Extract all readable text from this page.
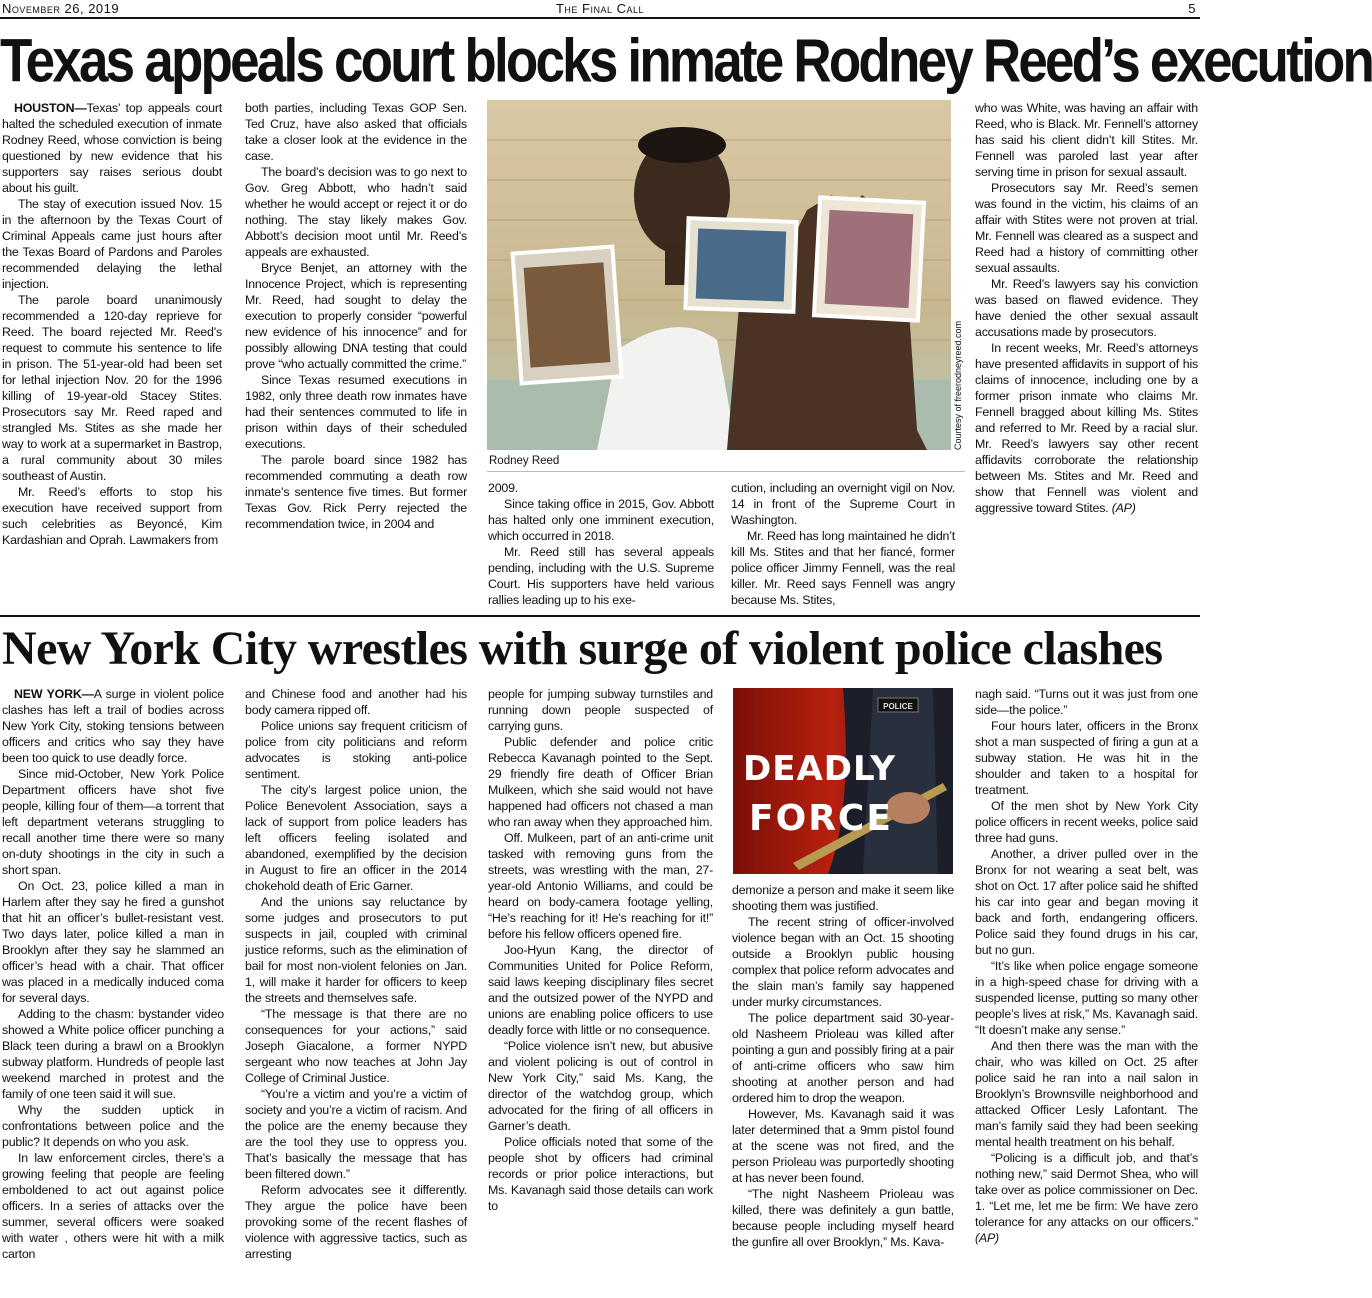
November 26, 2019	The Final Call	5
Texas appeals court blocks inmate Rodney Reed’s execution

HOUSTON—Texas’ top appeals court halted the scheduled execution of inmate Rodney Reed, whose conviction is being questioned by new evidence that his supporters say raises serious doubt about his guilt.

The stay of execution issued Nov. 15 in the afternoon by the Texas Court of Criminal Appeals came just hours after the Texas Board of Pardons and Paroles recommended delaying the lethal injection.

The parole board unanimously recommended a 120-day reprieve for Reed. The board rejected Mr. Reed’s request to commute his sentence to life in prison. The 51-year-old had been set for lethal injection Nov. 20 for the 1996 killing of 19-year-old Stacey Stites. Prosecutors say Mr. Reed raped and strangled Ms. Stites as she made her way to work at a supermarket in Bastrop, a rural community about 30 miles southeast of Austin.

Mr. Reed’s efforts to stop his execution have received support from such celebrities as Beyoncé, Kim Kardashian and Oprah. Lawmakers from

both parties, including Texas GOP Sen. Ted Cruz, have also asked that officials take a closer look at the evidence in the case.

The board’s decision was to go next to Gov. Greg Abbott, who hadn’t said whether he would accept or reject it or do nothing. The stay likely makes Gov. Abbott’s decision moot until Mr. Reed’s appeals are exhausted.

Bryce Benjet, an attorney with the Innocence Project, which is representing Mr. Reed, had sought to delay the execution to properly consider “powerful new evidence of his innocence” and for possibly allowing DNA testing that could prove “who actually committed the crime.”

Since Texas resumed executions in 1982, only three death row inmates have had their sentences commuted to life in prison within days of their scheduled executions.

The parole board since 1982 has recommended commuting a death row inmate’s sentence five times. But former Texas Gov. Rick Perry rejected the recommendation twice, in 2004 and

Courtesy of freerodneyreed.com
Rodney Reed

2009.

Since taking office in 2015, Gov. Abbott has halted only one imminent execution, which occurred in 2018.

Mr. Reed still has several appeals pending, including with the U.S. Supreme Court. His supporters have held various rallies leading up to his exe-

cution, including an overnight vigil on Nov. 14 in front of the Supreme Court in Washington.

Mr. Reed has long maintained he didn’t kill Ms. Stites and that her fiancé, former police officer Jimmy Fennell, was the real killer. Mr. Reed says Fennell was angry because Ms. Stites,

who was White, was having an affair with Reed, who is Black. Mr. Fennell’s attorney has said his client didn’t kill Stites. Mr. Fennell was paroled last year after serving time in prison for sexual assault.

Prosecutors say Mr. Reed’s semen was found in the victim, his claims of an affair with Stites were not proven at trial. Mr. Fennell was cleared as a suspect and Reed had a history of committing other sexual assaults.

Mr. Reed’s lawyers say his conviction was based on flawed evidence. They have denied the other sexual assault accusations made by prosecutors.

In recent weeks, Mr. Reed’s attorneys have presented affidavits in support of his claims of innocence, including one by a former prison inmate who claims Mr. Fennell bragged about killing Ms. Stites and referred to Mr. Reed by a racial slur. Mr. Reed’s lawyers say other recent affidavits corroborate the relationship between Ms. Stites and Mr. Reed and show that Fennell was violent and aggressive toward Stites. (AP)

New York City wrestles with surge of violent police clashes

NEW YORK—A surge in violent police clashes has left a trail of bodies across New York City, stoking tensions between officers and critics who say they have been too quick to use deadly force.

Since mid-October, New York Police Department officers have shot five people, killing four of them—a torrent that left department veterans struggling to recall another time there were so many on-duty shootings in the city in such a short span.

On Oct. 23, police killed a man in Harlem after they say he fired a gunshot that hit an officer’s bullet-resistant vest. Two days later, police killed a man in Brooklyn after they say he slammed an officer’s head with a chair. That officer was placed in a medically induced coma for several days.

Adding to the chasm: bystander video showed a White police officer punching a Black teen during a brawl on a Brooklyn subway platform. Hundreds of people last weekend marched in protest and the family of one teen said it will sue.

Why the sudden uptick in confrontations between police and the public? It depends on who you ask.

In law enforcement circles, there’s a growing feeling that people are feeling emboldened to act out against police officers. In a series of attacks over the summer, several officers were soaked with water , others were hit with a milk carton

and Chinese food and another had his body camera ripped off.

Police unions say frequent criticism of police from city politicians and reform advocates is stoking anti-police sentiment.

The city’s largest police union, the Police Benevolent Association, says a lack of support from police leaders has left officers feeling isolated and abandoned, exemplified by the decision in August to fire an officer in the 2014 chokehold death of Eric Garner.

And the unions say reluctance by some judges and prosecutors to put suspects in jail, coupled with criminal justice reforms, such as the elimination of bail for most non-violent felonies on Jan. 1, will make it harder for officers to keep the streets and themselves safe.

“The message is that there are no consequences for your actions,” said Joseph Giacalone, a former NYPD sergeant who now teaches at John Jay College of Criminal Justice.

“You’re a victim and you’re a victim of society and you’re a victim of racism. And the police are the enemy because they are the tool they use to oppress you. That’s basically the message that has been filtered down.”

Reform advocates see it differently. They argue the police have been provoking some of the recent flashes of violence with aggressive tactics, such as arresting

people for jumping subway turnstiles and running down people suspected of carrying guns.

Public defender and police critic Rebecca Kavanagh pointed to the Sept. 29 friendly fire death of Officer Brian Mulkeen, which she said would not have happened had officers not chased a man who ran away when they approached him.

Off. Mulkeen, part of an anti-crime unit tasked with removing guns from the streets, was wrestling with the man, 27-year-old Antonio Williams, and could be heard on body-camera footage yelling, “He’s reaching for it! He’s reaching for it!” before his fellow officers opened fire.

Joo-Hyun Kang, the director of Communities United for Police Reform, said laws keeping disciplinary files secret and the outsized power of the NYPD and unions are enabling police officers to use deadly force with little or no consequence.

“Police violence isn’t new, but abusive and violent policing is out of control in New York City,” said Ms. Kang, the director of the watchdog group, which advocated for the firing of all officers in Garner’s death.

Police officials noted that some of the people shot by officers had criminal records or prior police interactions, but Ms. Kavanagh said those details can work to

POLICE
DEADLY
FORCE

demonize a person and make it seem like shooting them was justified.

The recent string of officer-involved violence began with an Oct. 15 shooting outside a Brooklyn public housing complex that police reform advocates and the slain man’s family say happened under murky circumstances.

The police department said 30-year-old Nasheem Prioleau was killed after pointing a gun and possibly firing at a pair of anti-crime officers who saw him shooting at another person and had ordered him to drop the weapon.

However, Ms. Kavanagh said it was later determined that a 9mm pistol found at the scene was not fired, and the person Prioleau was purportedly shooting at has never been found.

“The night Nasheem Prioleau was killed, there was definitely a gun battle, because people including myself heard the gunfire all over Brooklyn,” Ms. Kava-

nagh said. “Turns out it was just from one side—the police.”

Four hours later, officers in the Bronx shot a man suspected of firing a gun at a subway station. He was hit in the shoulder and taken to a hospital for treatment.

Of the men shot by New York City police officers in recent weeks, police said three had guns.

Another, a driver pulled over in the Bronx for not wearing a seat belt, was shot on Oct. 17 after police said he shifted his car into gear and began moving it back and forth, endangering officers. Police said they found drugs in his car, but no gun.

“It’s like when police engage someone in a high-speed chase for driving with a suspended license, putting so many other people’s lives at risk,” Ms. Kavanagh said. “It doesn’t make any sense.”

And then there was the man with the chair, who was killed on Oct. 25 after police said he ran into a nail salon in Brooklyn’s Brownsville neighborhood and attacked Officer Lesly Lafontant. The man’s family said they had been seeking mental health treatment on his behalf.

“Policing is a difficult job, and that’s nothing new,” said Dermot Shea, who will take over as police commissioner on Dec. 1. “Let me, let me be firm: We have zero tolerance for any attacks on our officers.” (AP)
